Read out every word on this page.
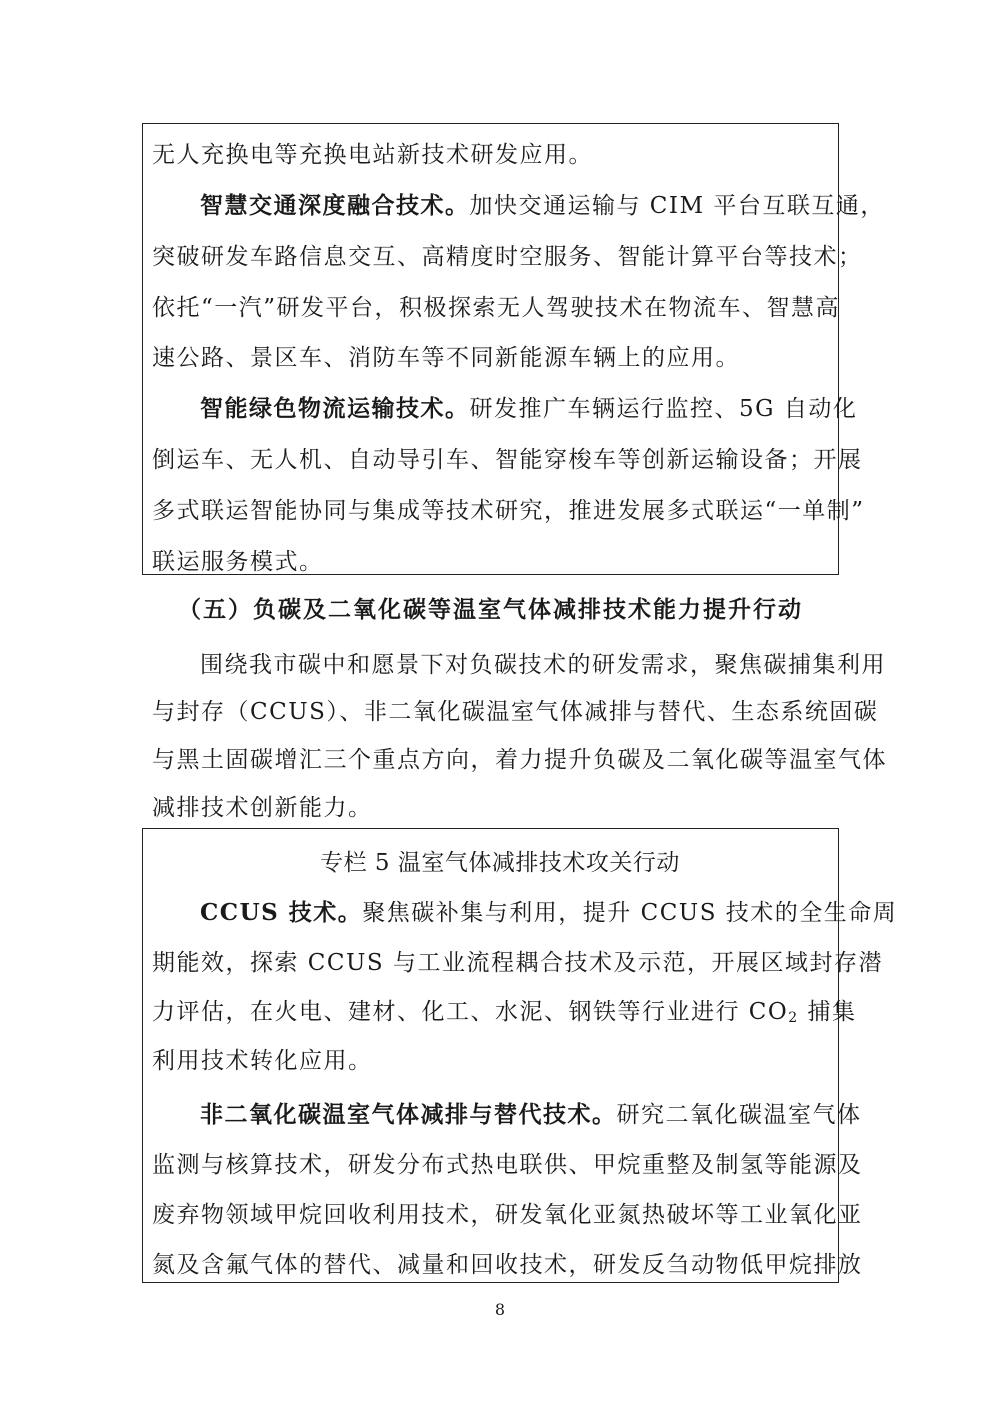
无人充换电等充换电站新技术研发应用。
智慧交通深度融合技术。加快交通运输与 CIM 平台互联互通，
突破研发车路信息交互、高精度时空服务、智能计算平台等技术；
依托“一汽”研发平台，积极探索无人驾驶技术在物流车、智慧高
速公路、景区车、消防车等不同新能源车辆上的应用。
智能绿色物流运输技术。研发推广车辆运行监控、5G 自动化
倒运车、无人机、自动导引车、智能穿梭车等创新运输设备；开展
多式联运智能协同与集成等技术研究，推进发展多式联运“一单制”
联运服务模式。
（五）负碳及二氧化碳等温室气体减排技术能力提升行动
围绕我市碳中和愿景下对负碳技术的研发需求，聚焦碳捕集利用
与封存（CCUS）、非二氧化碳温室气体减排与替代、生态系统固碳
与黑土固碳增汇三个重点方向，着力提升负碳及二氧化碳等温室气体
减排技术创新能力。
专栏 5 温室气体减排技术攻关行动
CCUS 技术。聚焦碳补集与利用，提升 CCUS 技术的全生命周
期能效，探索 CCUS 与工业流程耦合技术及示范，开展区域封存潜
力评估，在火电、建材、化工、水泥、钢铁等行业进行 $CO_2$ 捕集
利用技术转化应用。
非二氧化碳温室气体减排与替代技术。研究二氧化碳温室气体
监测与核算技术，研发分布式热电联供、甲烷重整及制氢等能源及
废弃物领域甲烷回收利用技术，研发氧化亚氮热破坏等工业氧化亚
氮及含氟气体的替代、减量和回收技术，研发反刍动物低甲烷排放
8
